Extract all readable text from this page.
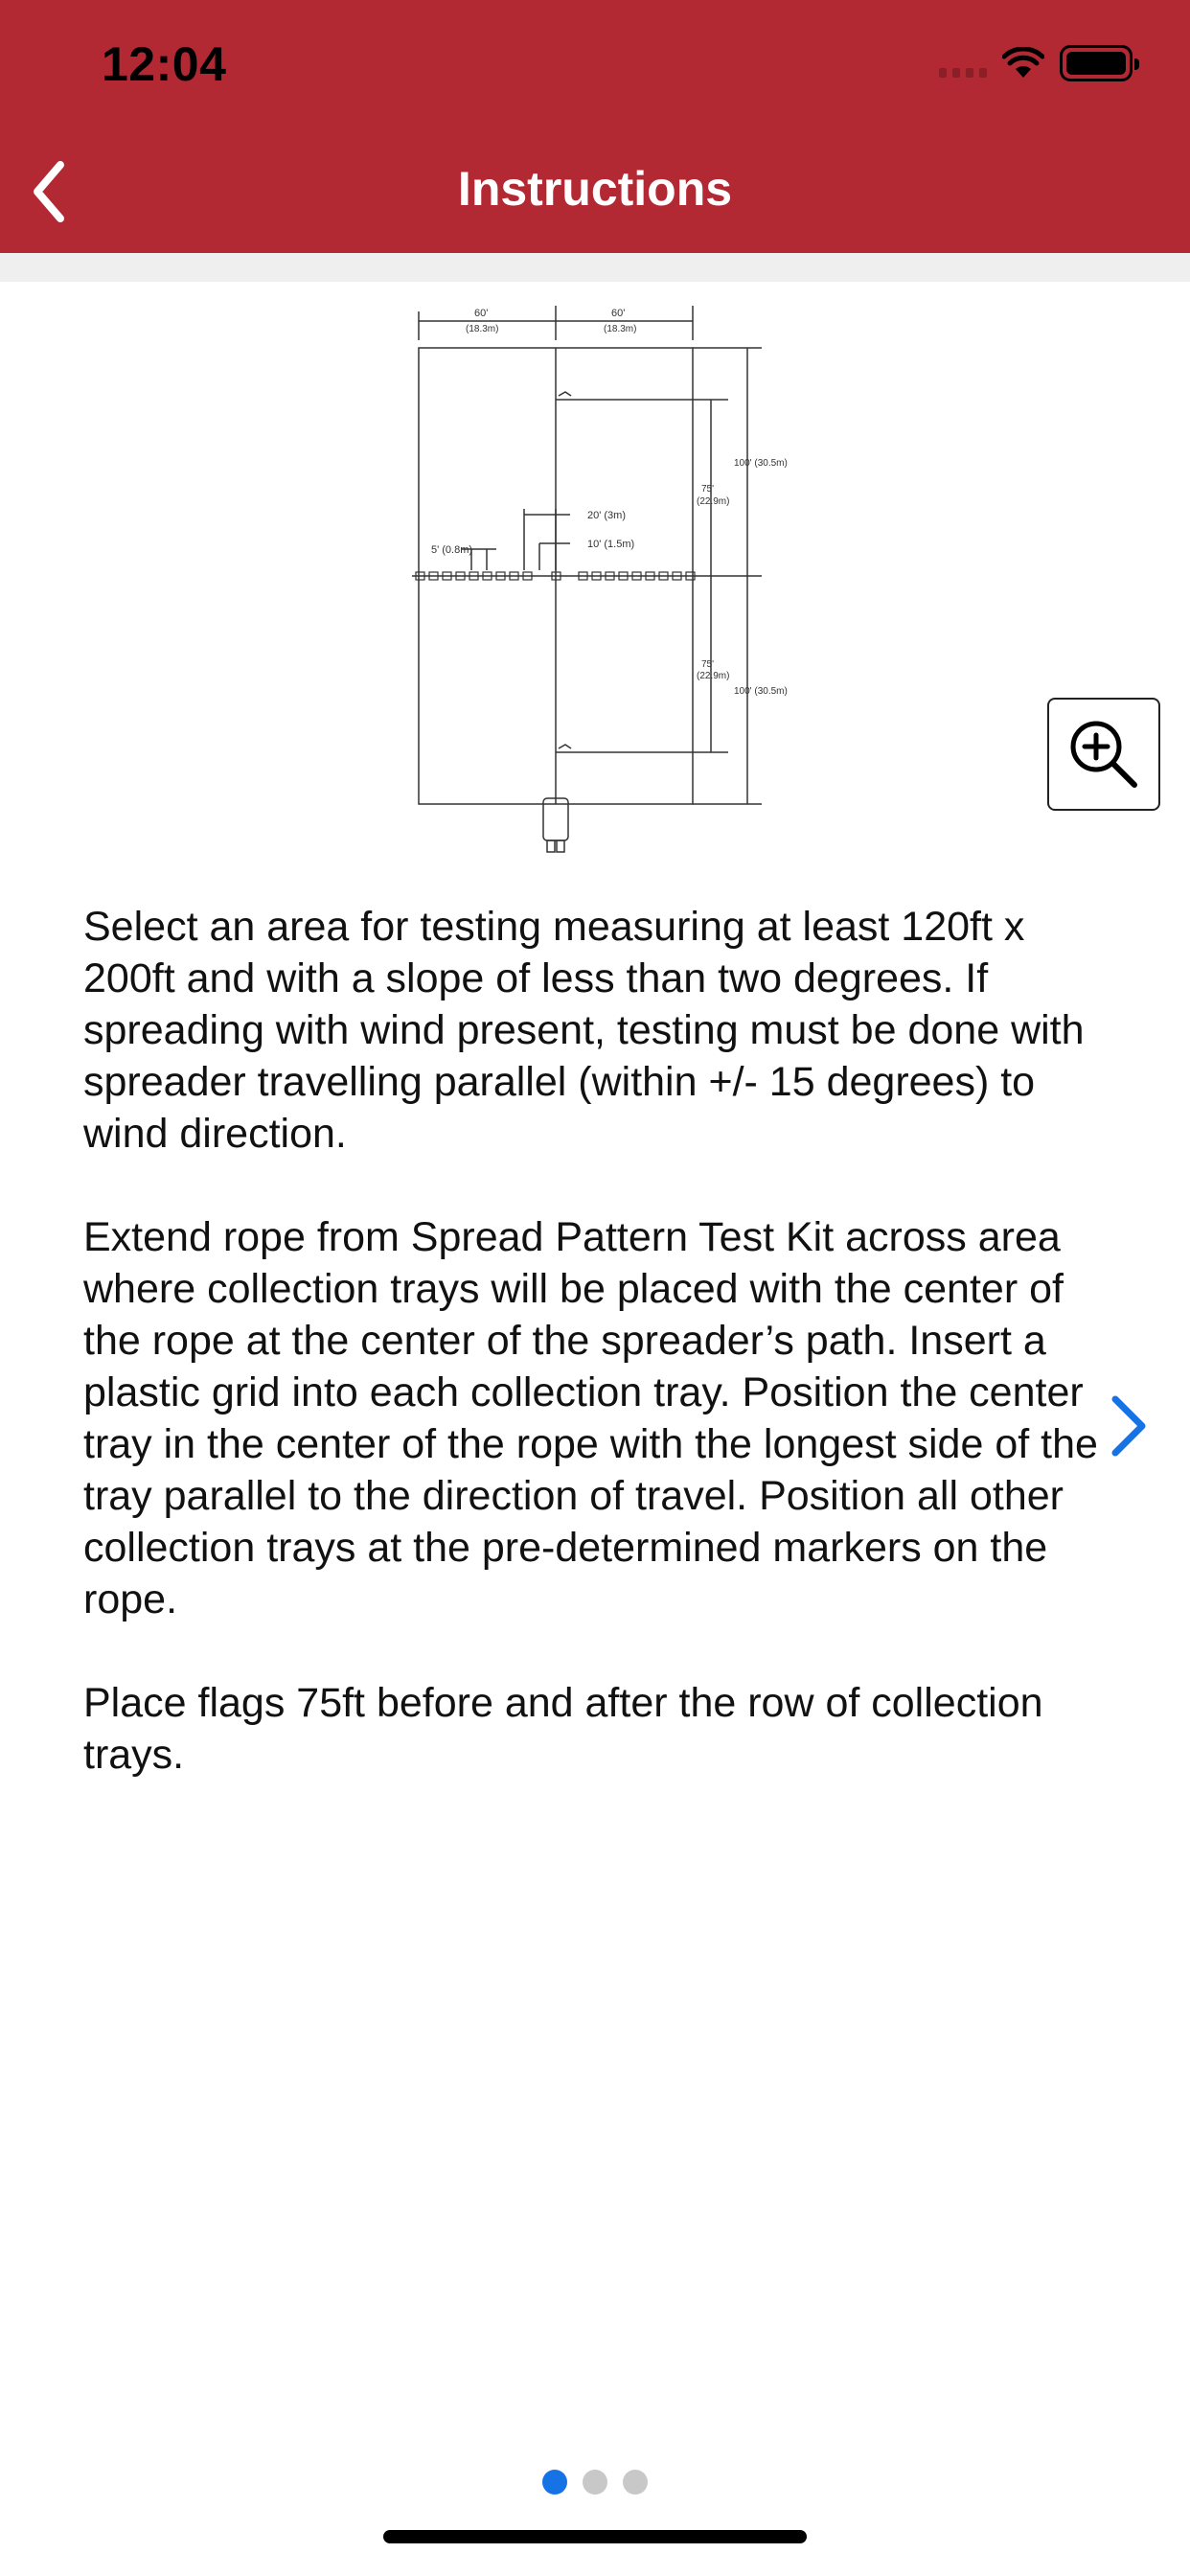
12:04
Instructions
60'
(18.3m)
60'
(18.3m)
100' (30.5m)
75'
(22.9m)
20' (3m)
10' (1.5m)
5' (0.8m)
75'
(22.9m)
100' (30.5m)

Select an area for testing measuring at least 120ft x 200ft and with a slope of less than two degrees. If spreading with wind present, testing must be done with spreader travelling parallel (within +/- 15 degrees) to wind direction.

Extend rope from Spread Pattern Test Kit across area where collection trays will be placed with the center of the rope at the center of the spreader’s path. Insert a plastic grid into each collection tray. Position the center tray in the center of the rope with the longest side of the tray parallel to the direction of travel. Position all other collection trays at the pre-determined markers on the rope.

Place flags 75ft before and after the row of collection trays.
